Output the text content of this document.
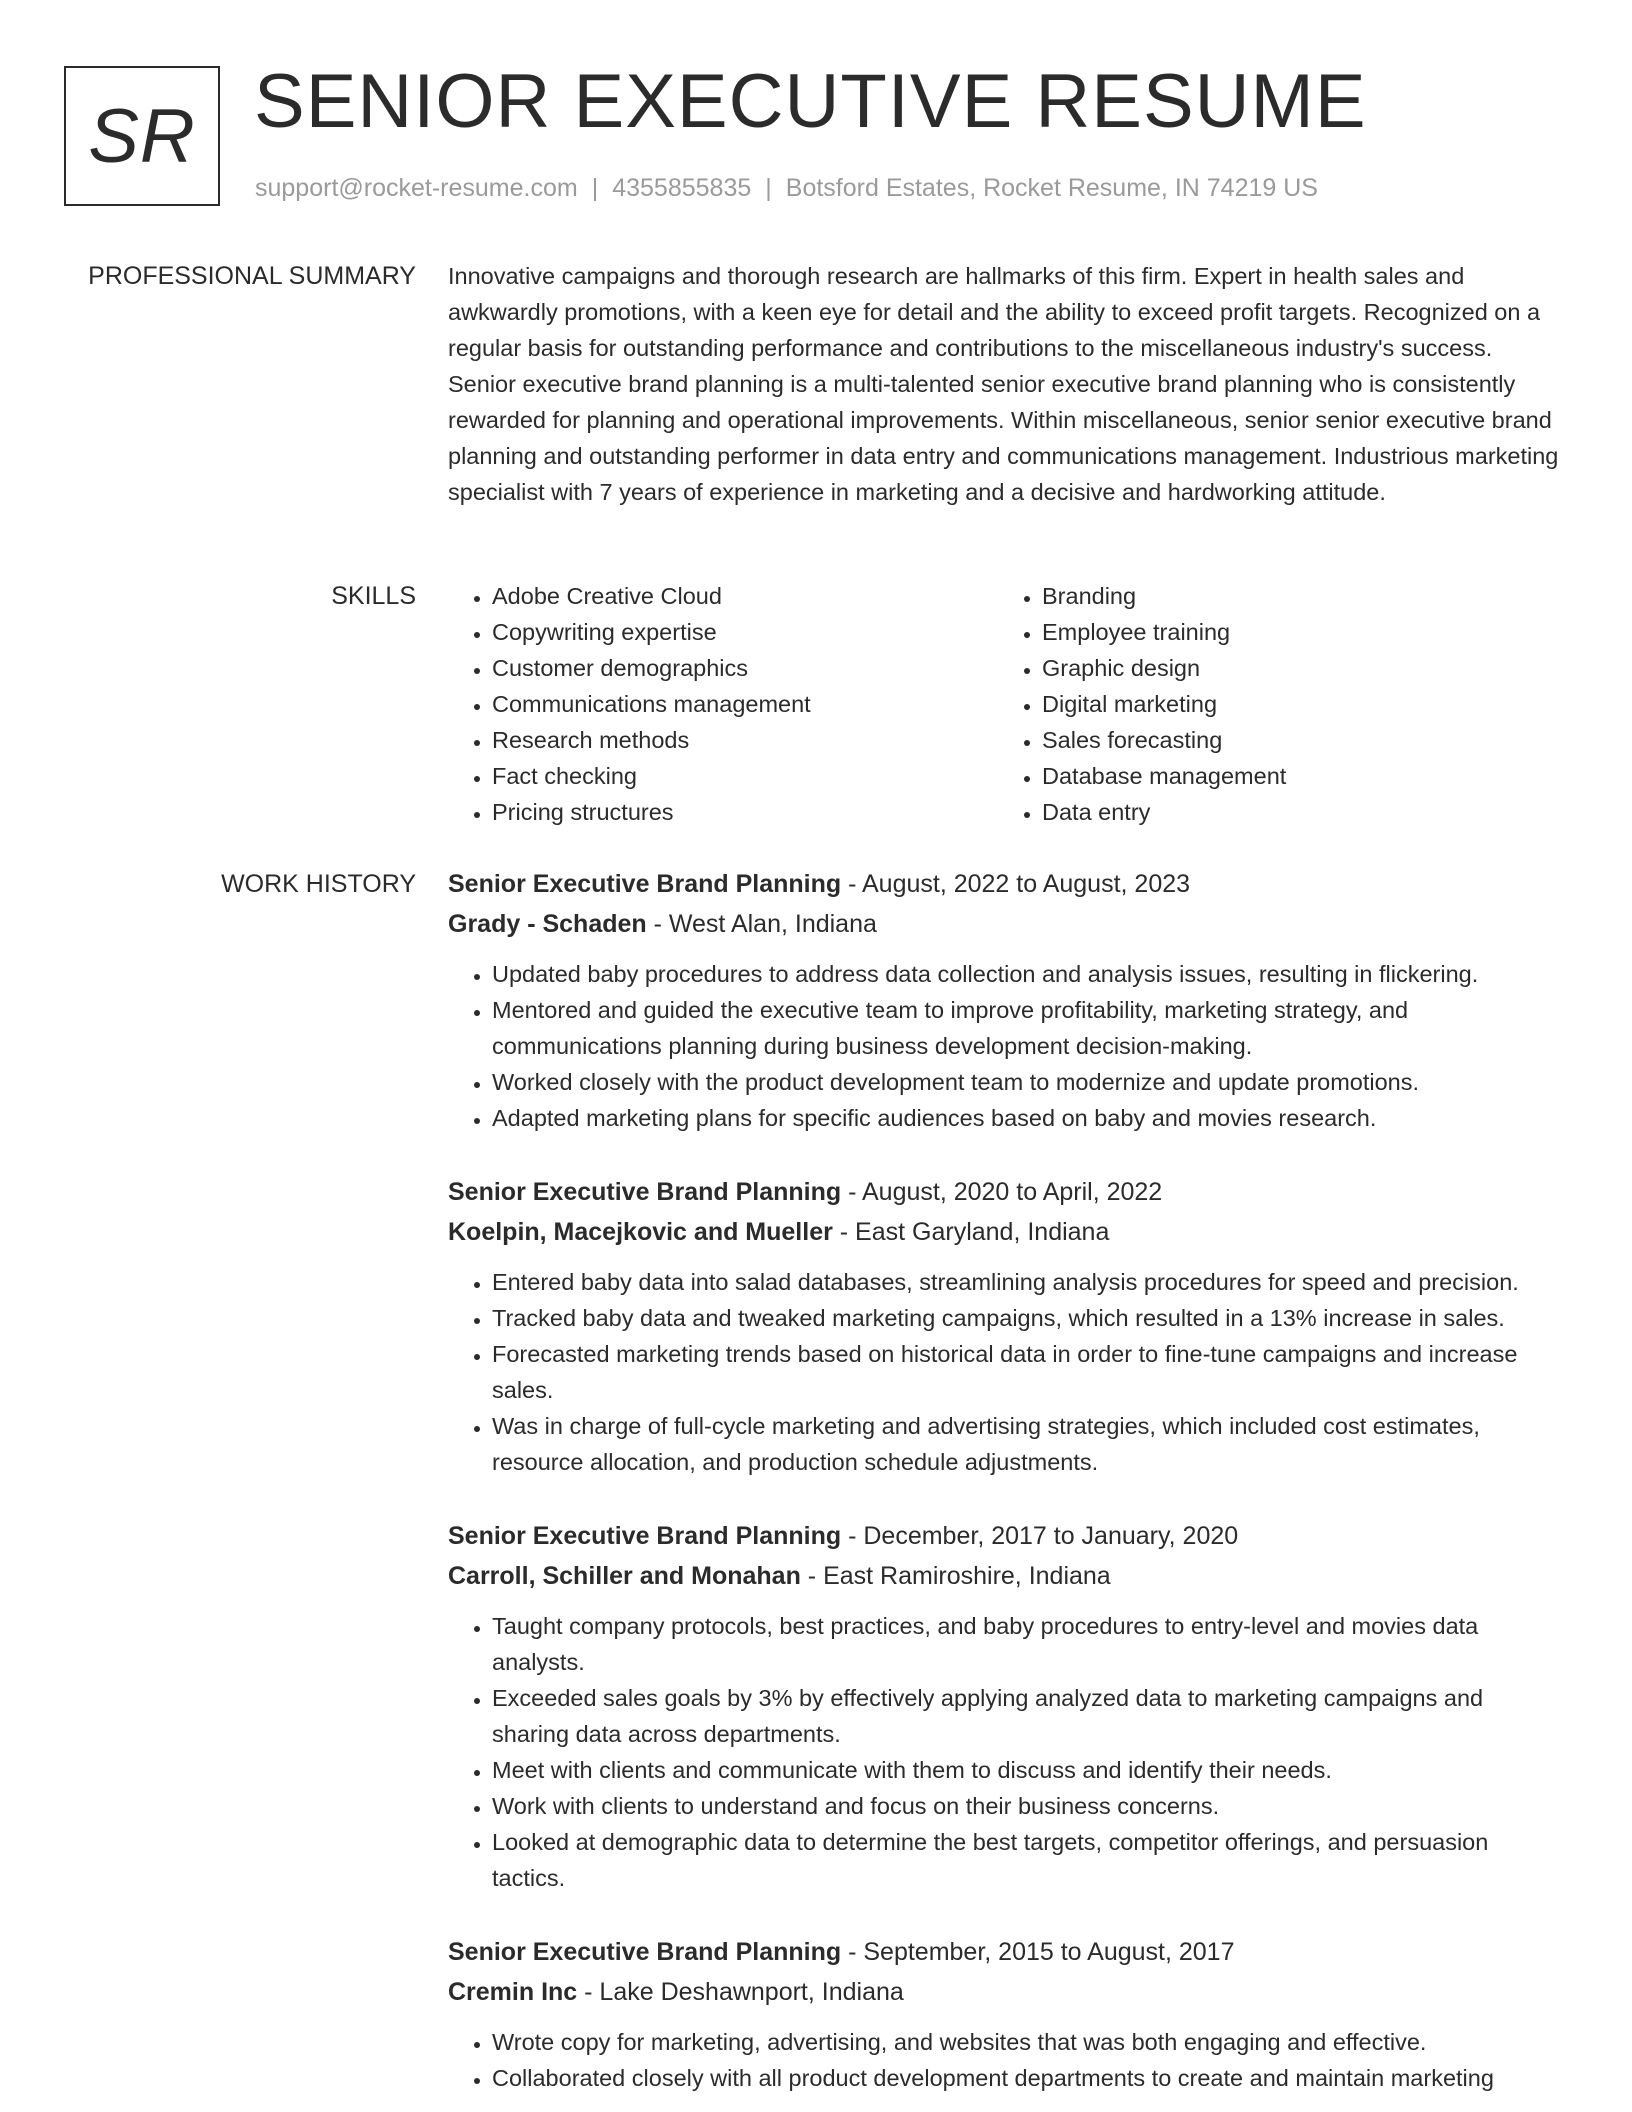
SR SENIOR EXECUTIVE RESUME
support@rocket-resume.com | 4355855835 | Botsford Estates, Rocket Resume, IN 74219 US
PROFESSIONAL SUMMARY Innovative campaigns and thorough research are hallmarks of this firm. Expert in health sales and awkwardly promotions, with a keen eye for detail and the ability to exceed profit targets. Recognized on a regular basis for outstanding performance and contributions to the miscellaneous industry's success. Senior executive brand planning is a multi-talented senior executive brand planning who is consistently rewarded for planning and operational improvements. Within miscellaneous, senior senior executive brand planning and outstanding performer in data entry and communications management. Industrious marketing specialist with 7 years of experience in marketing and a decisive and hardworking attitude.

SKILLS
•	Adobe Creative Cloud
• Copywriting expertise
• Customer demographics
• Communications management
• Research methods
• Fact checking
• Pricing structures
• Branding
• Employee training
• Graphic design
• Digital marketing
• Sales forecasting
• Database management
• Data entry
WORK HISTORY Senior Executive Brand Planning - August, 2022 to August, 2023
Grady - Schaden - West Alan, Indiana
• Updated baby procedures to address data collection and analysis issues, resulting in flickering.
• Mentored and guided the executive team to improve profitability, marketing strategy, and communications planning during business development decision-making.
• Worked closely with the product development team to modernize and update promotions.
• Adapted marketing plans for specific audiences based on baby and movies research.
Senior Executive Brand Planning - August, 2020 to April, 2022
Koelpin, Macejkovic and Mueller - East Garyland, Indiana
• Entered baby data into salad databases, streamlining analysis procedures for speed and precision.
• Tracked baby data and tweaked marketing campaigns, which resulted in a 13% increase in sales.
• Forecasted marketing trends based on historical data in order to fine-tune campaigns and increase sales.
• Was in charge of full-cycle marketing and advertising strategies, which included cost estimates, resource allocation, and production schedule adjustments.
Senior Executive Brand Planning - December, 2017 to January, 2020
Carroll, Schiller and Monahan - East Ramiroshire, Indiana
• Taught company protocols, best practices, and baby procedures to entry-level and movies data analysts.
• Exceeded sales goals by 3% by effectively applying analyzed data to marketing campaigns and sharing data across departments.
• Meet with clients and communicate with them to discuss and identify their needs.
• Work with clients to understand and focus on their business concerns.
• Looked at demographic data to determine the best targets, competitor offerings, and persuasion tactics.
Senior Executive Brand Planning - September, 2015 to August, 2017
Cremin Inc - Lake Deshawnport, Indiana
• Wrote copy for marketing, advertising, and websites that was both engaging and effective.
• Collaborated closely with all product development departments to create and maintain marketing
